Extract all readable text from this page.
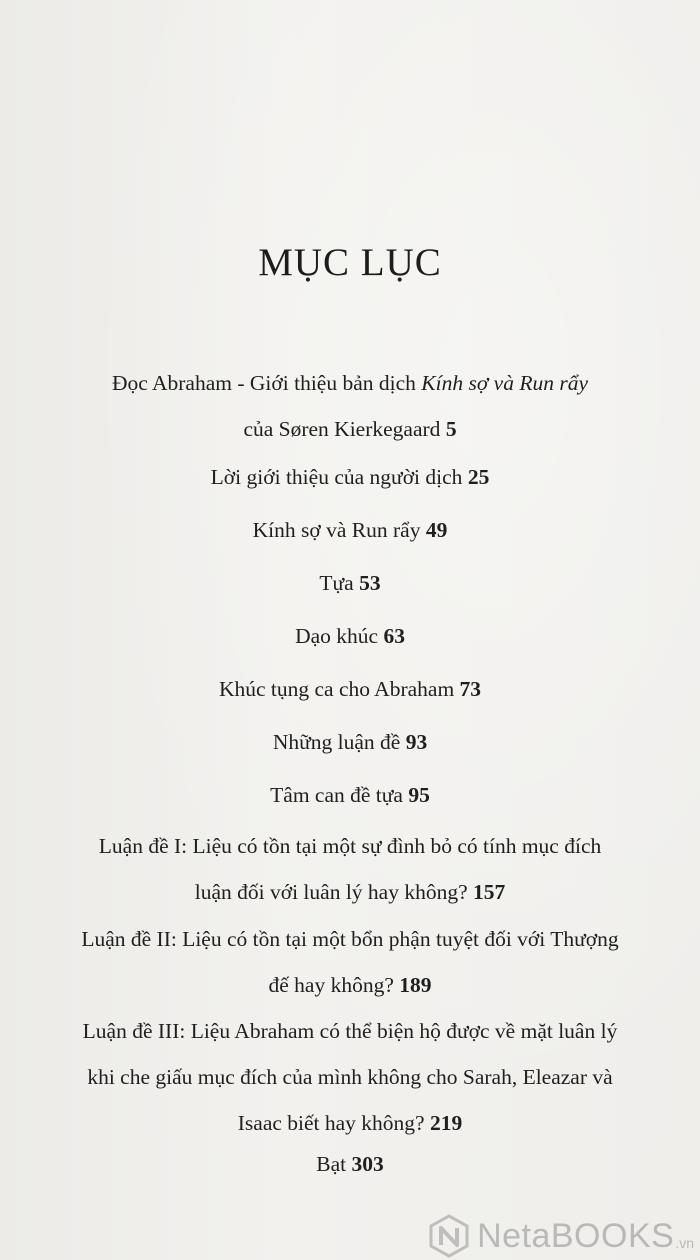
MỤC LỤC
Đọc Abraham - Giới thiệu bản dịch Kính sợ và Run rẩy
của Søren Kierkegaard 5
Lời giới thiệu của người dịch 25
Kính sợ và Run rẩy 49
Tựa 53
Dạo khúc 63
Khúc tụng ca cho Abraham 73
Những luận đề 93
Tâm can đề tựa 95
Luận đề I: Liệu có tồn tại một sự đình bỏ có tính mục đích
luận đối với luân lý hay không? 157
Luận đề II: Liệu có tồn tại một bổn phận tuyệt đối với Thượng
đế hay không? 189
Luận đề III: Liệu Abraham có thể biện hộ được về mặt luân lý
khi che giấu mục đích của mình không cho Sarah, Eleazar và
Isaac biết hay không? 219
Bạt 303
NetaBOOKS .vn
